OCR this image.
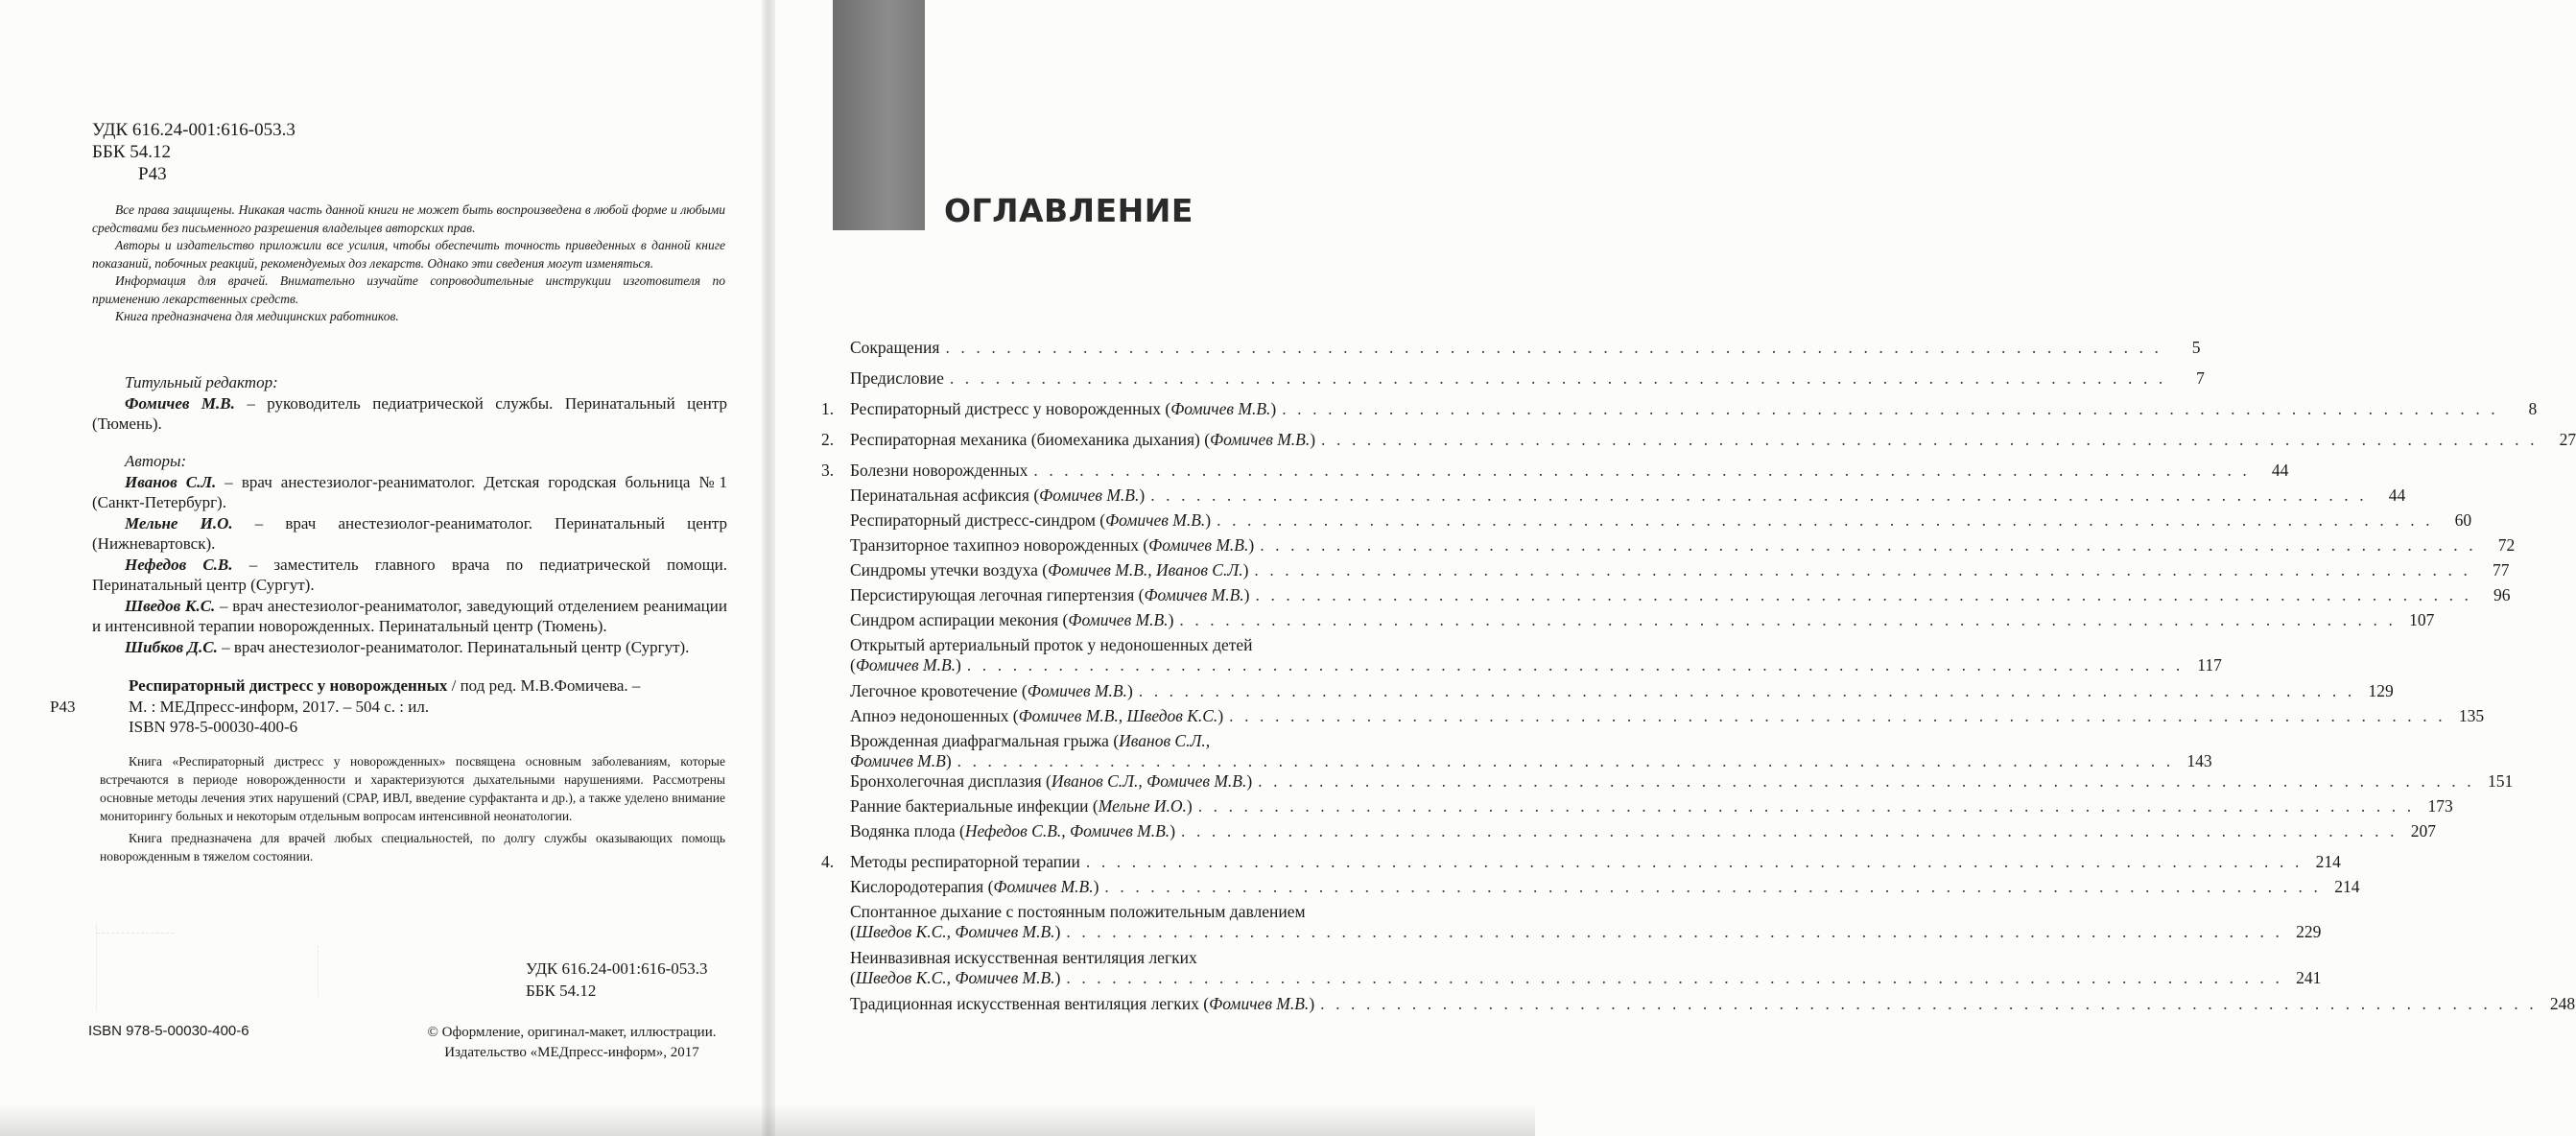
УДК 616.24-001:616-053.3
ББК 54.12
Р43

Все права защищены. Никакая часть данной книги не может быть воспроизведена в любой форме и любыми средствами без письменного разрешения владельцев авторских прав.

Авторы и издательство приложили все усилия, чтобы обеспечить точность приведенных в данной книге показаний, побочных реакций, рекомендуемых доз лекарств. Однако эти сведения могут изменяться.

Информация для врачей. Внимательно изучайте сопроводительные инструкции изготовителя по применению лекарственных средств.

Книга предназначена для медицинских работников.

Титульный редактор:
Фомичев М.В. – руководитель педиатрической службы. Перинатальный центр (Тюмень).
Авторы:
Иванов С.Л. – врач анестезиолог-реаниматолог. Детская городская больница №1 (Санкт-Петербург).
Мельне И.О. – врач анестезиолог-реаниматолог. Перинатальный центр (Нижневартовск).
Нефедов С.В. – заместитель главного врача по педиатрической помощи. Перинатальный центр (Сургут).
Шведов К.С. – врач анестезиолог-реаниматолог, заведующий отделением реанимации и интенсивной терапии новорожденных. Перинатальный центр (Тюмень).
Шибков Д.С. – врач анестезиолог-реаниматолог. Перинатальный центр (Сургут).
Респираторный дистресс у новорожденных / под ред. М.В.Фомичева. –
Р43	М. : МЕДпресс-информ, 2017. – 504 с. : ил.
ISBN 978-5-00030-400-6

Книга «Респираторный дистресс у новорожденных» посвящена основным заболеваниям, которые встречаются в периоде новорожденности и характеризуются дыхательными нарушениями. Рассмотрены основные методы лечения этих нарушений (СРАР, ИВЛ, введение сурфактанта и др.), а также уделено внимание мониторингу больных и некоторым отдельным вопросам интенсивной неонатологии.

Книга предназначена для врачей любых специальностей, по долгу службы оказывающих помощь новорожденным в тяжелом состоянии.

УДК 616.24-001:616-053.3
ББК 54.12
ISBN 978-5-00030-400-6	© Оформление, оригинал-макет, иллюстрации.
Издательство «МЕДпресс-информ», 2017
ОГЛАВЛЕНИЕ
Сокращения . . . . . . . . . . . . . . . . . . . . . . . . . . . . . . . . . . . . . . . . . . . . . . . . . . . . . . . . . . . . . . . . . . . . . . . . . . . . . . . .	5
Предисловие . . . . . . . . . . . . . . . . . . . . . . . . . . . . . . . . . . . . . . . . . . . . . . . . . . . . . . . . . . . . . . . . . . . . . . . . . . . . . . . .	7
1. Респираторный дистресс у новорожденных (Фомичев М.В.) . . . . . . . . . . . . . . . . . . . . . . . . . . . . . . . . . . . . . . . . . . . . . . . . . . . . . . . . . . . . . . . . . . . . . . . . . . . . . . . .	8
2. Респираторная механика (биомеханика дыхания) (Фомичев М.В.) . . . . . . . . . . . . . . . . . . . . . . . . . . . . . . . . . . . . . . . . . . . . . . . . . . . . . . . . . . . . . . . . . . . . . . . . . . . . . . . .	27
3. Болезни новорожденных . . . . . . . . . . . . . . . . . . . . . . . . . . . . . . . . . . . . . . . . . . . . . . . . . . . . . . . . . . . . . . . . . . . . . . . . . . . . . . . .	44
Перинатальная асфиксия (Фомичев М.В.) . . . . . . . . . . . . . . . . . . . . . . . . . . . . . . . . . . . . . . . . . . . . . . . . . . . . . . . . . . . . . . . . . . . . . . . . . . . . . . . .	44
Респираторный дистресс-синдром (Фомичев М.В.) . . . . . . . . . . . . . . . . . . . . . . . . . . . . . . . . . . . . . . . . . . . . . . . . . . . . . . . . . . . . . . . . . . . . . . . . . . . . . . . .	60
Транзиторное тахипноэ новорожденных (Фомичев М.В.) . . . . . . . . . . . . . . . . . . . . . . . . . . . . . . . . . . . . . . . . . . . . . . . . . . . . . . . . . . . . . . . . . . . . . . . . . . . . . . . .	72
Синдромы утечки воздуха (Фомичев М.В., Иванов С.Л.) . . . . . . . . . . . . . . . . . . . . . . . . . . . . . . . . . . . . . . . . . . . . . . . . . . . . . . . . . . . . . . . . . . . . . . . . . . . . . . . .	77
Персистирующая легочная гипертензия (Фомичев М.В.) . . . . . . . . . . . . . . . . . . . . . . . . . . . . . . . . . . . . . . . . . . . . . . . . . . . . . . . . . . . . . . . . . . . . . . . . . . . . . . . .	96
Синдром аспирации мекония (Фомичев М.В.) . . . . . . . . . . . . . . . . . . . . . . . . . . . . . . . . . . . . . . . . . . . . . . . . . . . . . . . . . . . . . . . . . . . . . . . . . . . . . . . . 107
Открытый артериальный проток у недоношенных детей
(Фомичев М.В.) . . . . . . . . . . . . . . . . . . . . . . . . . . . . . . . . . . . . . . . . . . . . . . . . . . . . . . . . . . . . . . . . . . . . . . . . . . . . . . . . 117
Легочное кровотечение (Фомичев М.В.) . . . . . . . . . . . . . . . . . . . . . . . . . . . . . . . . . . . . . . . . . . . . . . . . . . . . . . . . . . . . . . . . . . . . . . . . . . . . . . . . 129
Апноэ недоношенных (Фомичев М.В., Шведов К.С.) . . . . . . . . . . . . . . . . . . . . . . . . . . . . . . . . . . . . . . . . . . . . . . . . . . . . . . . . . . . . . . . . . . . . . . . . . . . . . . . . 135
Врожденная диафрагмальная грыжа (Иванов С.Л.,
Фомичев М.В) . . . . . . . . . . . . . . . . . . . . . . . . . . . . . . . . . . . . . . . . . . . . . . . . . . . . . . . . . . . . . . . . . . . . . . . . . . . . . . . . 143
Бронхолегочная дисплазия (Иванов С.Л., Фомичев М.В.) . . . . . . . . . . . . . . . . . . . . . . . . . . . . . . . . . . . . . . . . . . . . . . . . . . . . . . . . . . . . . . . . . . . . . . . . . . . . . . . . 151
Ранние бактериальные инфекции (Мельне И.О.) . . . . . . . . . . . . . . . . . . . . . . . . . . . . . . . . . . . . . . . . . . . . . . . . . . . . . . . . . . . . . . . . . . . . . . . . . . . . . . . . 173
Водянка плода (Нефедов С.В., Фомичев М.В.) . . . . . . . . . . . . . . . . . . . . . . . . . . . . . . . . . . . . . . . . . . . . . . . . . . . . . . . . . . . . . . . . . . . . . . . . . . . . . . . . 207
4. Методы респираторной терапии . . . . . . . . . . . . . . . . . . . . . . . . . . . . . . . . . . . . . . . . . . . . . . . . . . . . . . . . . . . . . . . . . . . . . . . . . . . . . . . . 214
Кислородотерапия (Фомичев М.В.) . . . . . . . . . . . . . . . . . . . . . . . . . . . . . . . . . . . . . . . . . . . . . . . . . . . . . . . . . . . . . . . . . . . . . . . . . . . . . . . . 214
Спонтанное дыхание с постоянным положительным давлением
(Шведов К.С., Фомичев М.В.) . . . . . . . . . . . . . . . . . . . . . . . . . . . . . . . . . . . . . . . . . . . . . . . . . . . . . . . . . . . . . . . . . . . . . . . . . . . . . . . . 229
Неинвазивная искусственная вентиляция легких
(Шведов К.С., Фомичев М.В.) . . . . . . . . . . . . . . . . . . . . . . . . . . . . . . . . . . . . . . . . . . . . . . . . . . . . . . . . . . . . . . . . . . . . . . . . . . . . . . . . 241
Традиционная искусственная вентиляция легких (Фомичев М.В.) . . . . . . . . . . . . . . . . . . . . . . . . . . . . . . . . . . . . . . . . . . . . . . . . . . . . . . . . . . . . . . . . . . . . . . . . . . . . . . . . 248
